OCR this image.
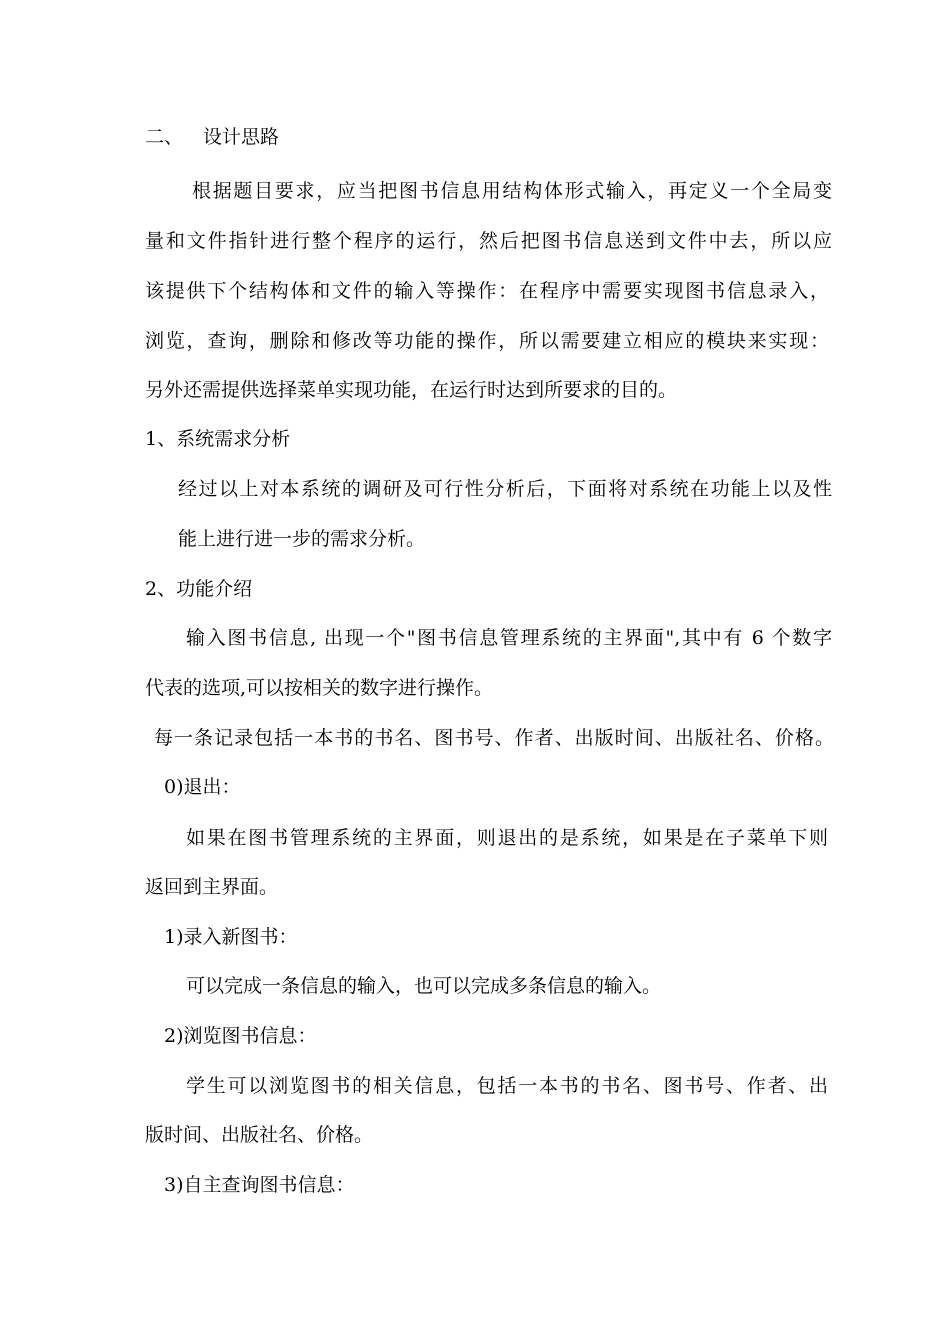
二、 设计思路
根据题目要求，应当把图书信息用结构体形式输入，再定义一个全局变
量和文件指针进行整个程序的运行，然后把图书信息送到文件中去，所以应
该提供下个结构体和文件的输入等操作：在程序中需要实现图书信息录入，
浏览，查询，删除和修改等功能的操作，所以需要建立相应的模块来实现：
另外还需提供选择菜单实现功能，在运行时达到所要求的目的。
1、系统需求分析
经过以上对本系统的调研及可行性分析后，下面将对系统在功能上以及性
能上进行进一步的需求分析。
2、功能介绍
输入图书信息, 出现一个"图书信息管理系统的主界面",其中有 6 个数字
代表的选项,可以按相关的数字进行操作。
每一条记录包括一本书的书名、图书号、作者、出版时间、出版社名、价格。
0)退出：
如果在图书管理系统的主界面，则退出的是系统，如果是在子菜单下则
返回到主界面。
1)录入新图书：
可以完成一条信息的输入，也可以完成多条信息的输入。
2)浏览图书信息：
学生可以浏览图书的相关信息，包括一本书的书名、图书号、作者、出
版时间、出版社名、价格。
3)自主查询图书信息：
